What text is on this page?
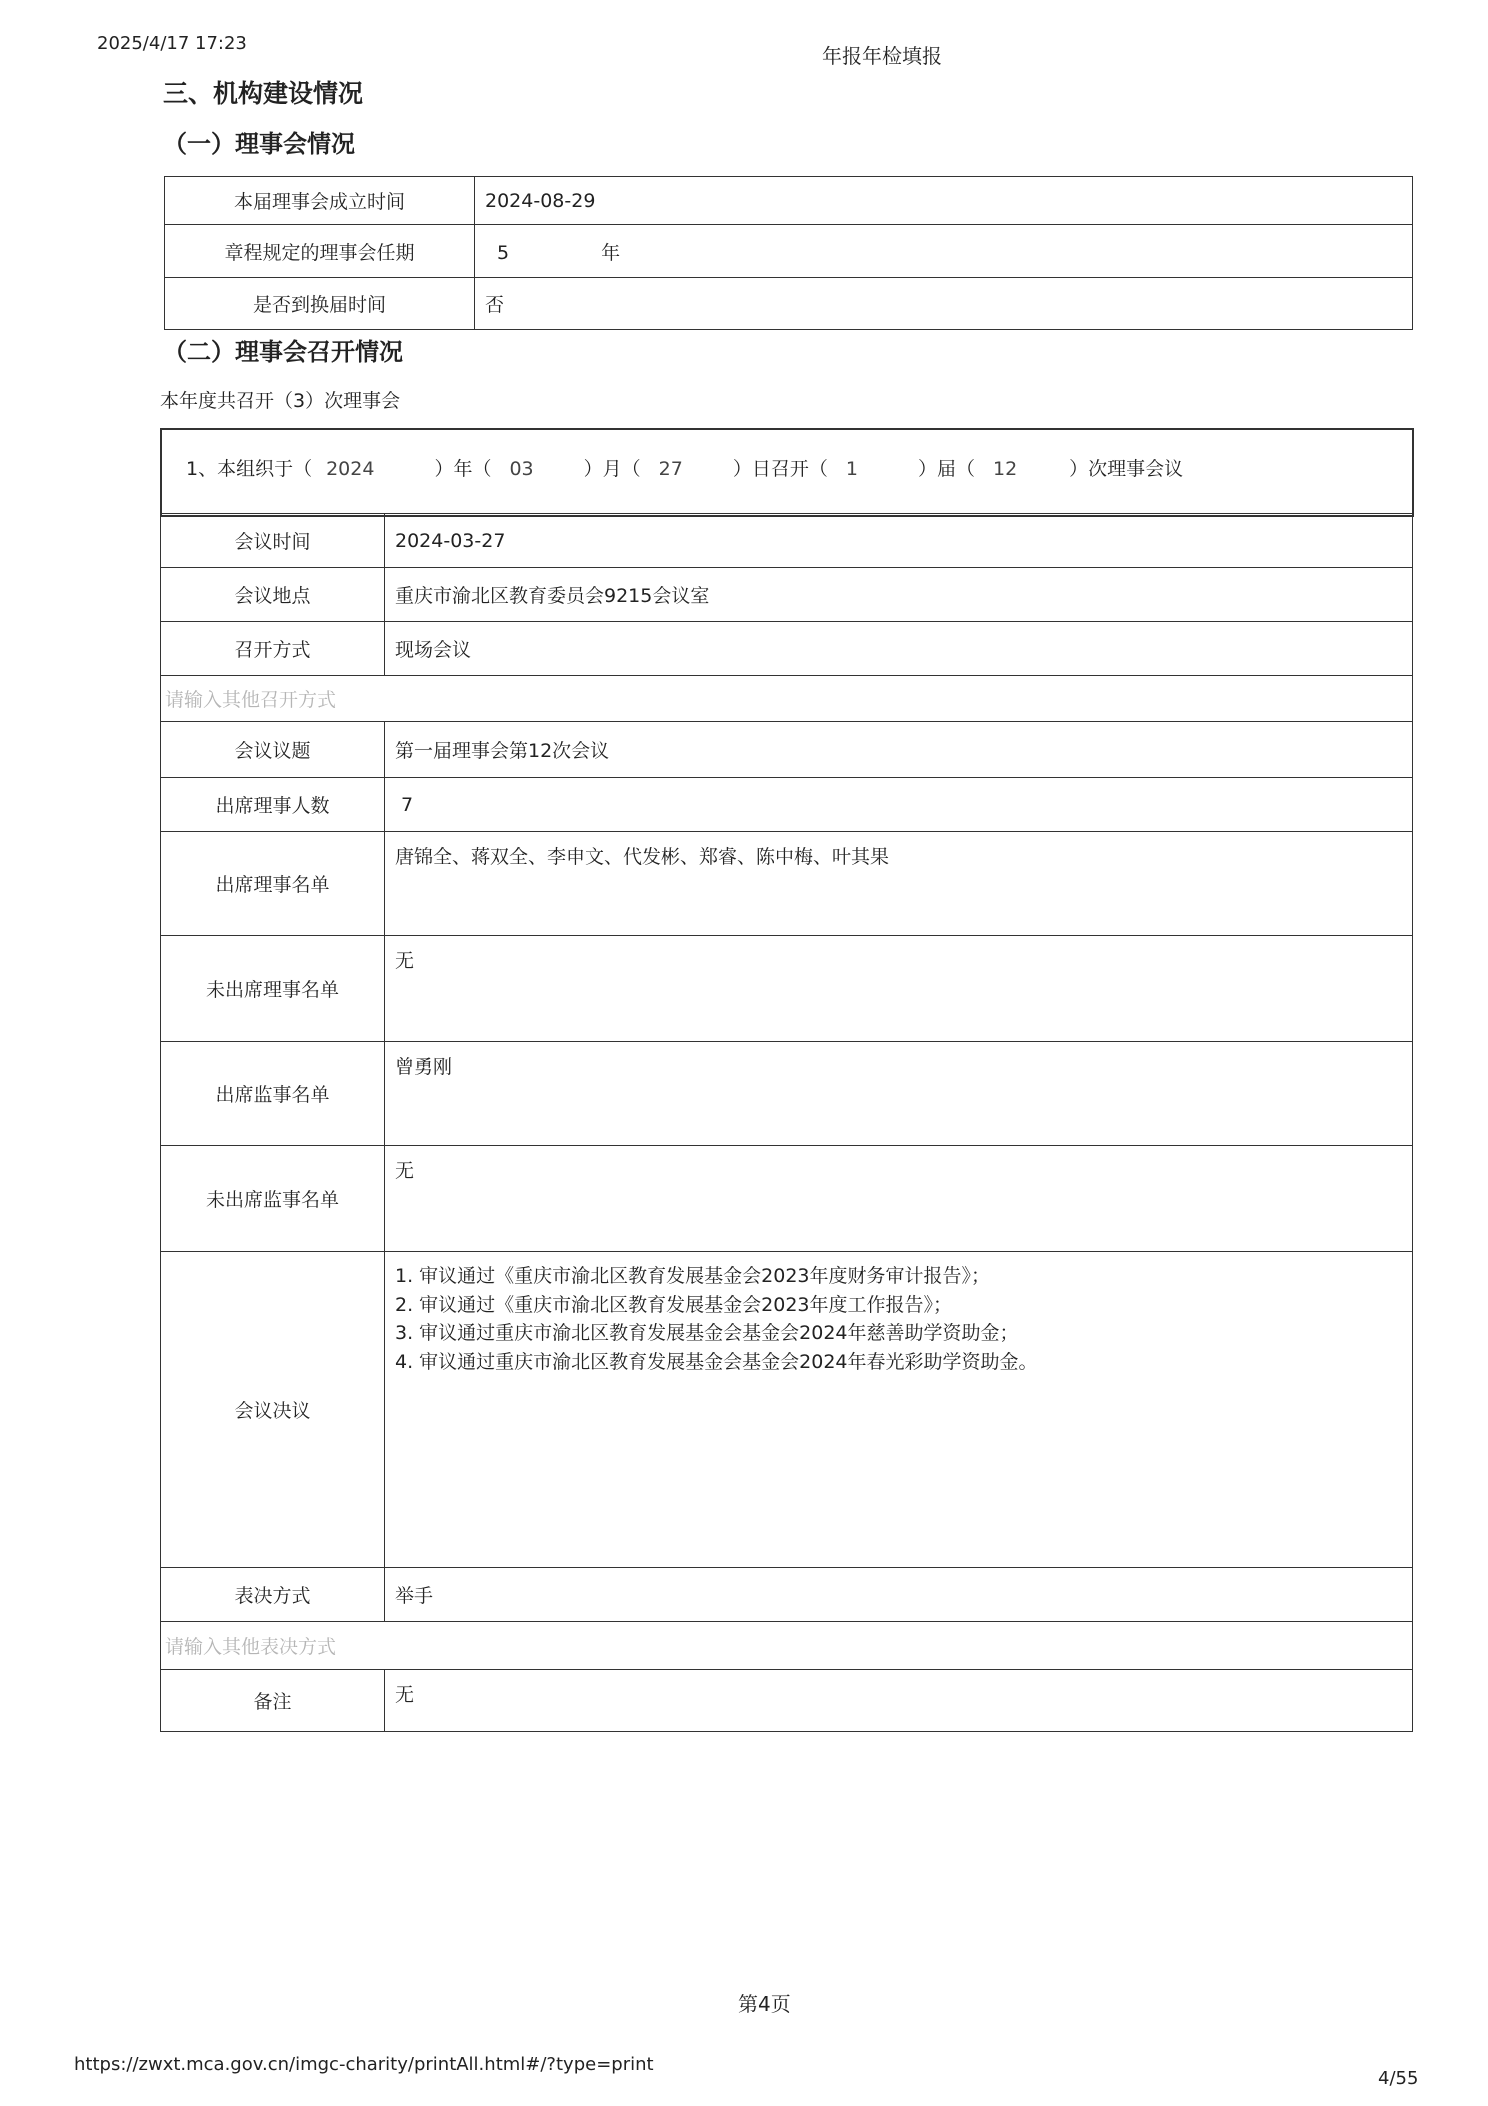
2025/4/17 17:23
年报年检填报
三、机构建设情况
（一）理事会情况
本届理事会成立时间	2024-08-29
章程规定的理事会任期	5 年
是否到换届时间	否
（二）理事会召开情况
本年度共召开（3）次理事会
1、本组织于（ 2024	）年（ 03	）月（ 27	）日召开（ 1	）届（ 12	）次理事会议
会议时间	2024-03-27
会议地点	重庆市渝北区教育委员会9215会议室
召开方式	现场会议
请输入其他召开方式	
会议议题	第一届理事会第12次会议
出席理事人数	7
出席理事名单	唐锦全、蒋双全、李申文、代发彬、郑睿、陈中梅、叶其果
未出席理事名单	无
出席监事名单	曾勇刚
未出席监事名单	无
会议决议	1. 审议通过《重庆市渝北区教育发展基金会2023年度财务审计报告》；
2. 审议通过《重庆市渝北区教育发展基金会2023年度工作报告》；
3. 审议通过重庆市渝北区教育发展基金会基金会2024年慈善助学资助金；
4. 审议通过重庆市渝北区教育发展基金会基金会2024年春光彩助学资助金。

表决方式	举手
请输入其他表决方式	
备注	无
第4页
https://zwxt.mca.gov.cn/imgc-charity/printAll.html#/?type=print
4/55
